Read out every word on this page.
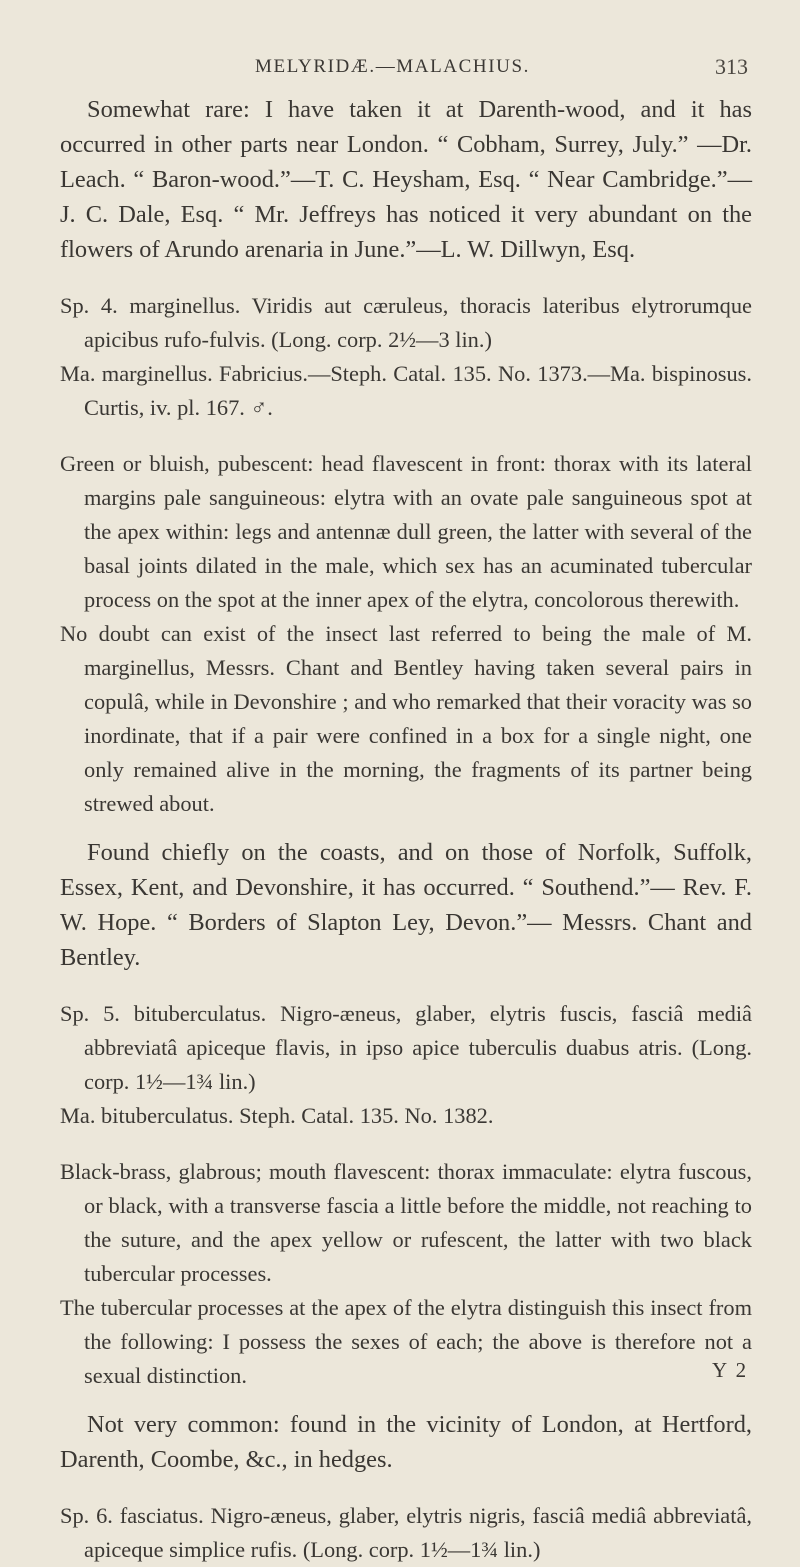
MELYRIDÆ.—MALACHIUS.	313

Somewhat rare: I have taken it at Darenth-wood, and it has occurred in other parts near London. “ Cobham, Surrey, July.” —Dr. Leach. “ Baron-wood.”—T. C. Heysham, Esq. “ Near Cambridge.”—J. C. Dale, Esq. “ Mr. Jeffreys has noticed it very abundant on the flowers of Arundo arenaria in June.”—L. W. Dillwyn, Esq.

Sp. 4. marginellus. Viridis aut cæruleus, thoracis lateribus elytrorumque apicibus rufo-fulvis. (Long. corp. 2½—3 lin.)

Ma. marginellus. Fabricius.—Steph. Catal. 135. No. 1373.—Ma. bispinosus. Curtis, iv. pl. 167. ♂.

Green or bluish, pubescent: head flavescent in front: thorax with its lateral margins pale sanguineous: elytra with an ovate pale sanguineous spot at the apex within: legs and antennæ dull green, the latter with several of the basal joints dilated in the male, which sex has an acuminated tubercular process on the spot at the inner apex of the elytra, concolorous therewith.

No doubt can exist of the insect last referred to being the male of M. marginellus, Messrs. Chant and Bentley having taken several pairs in copulâ, while in Devonshire ; and who remarked that their voracity was so inordinate, that if a pair were confined in a box for a single night, one only remained alive in the morning, the fragments of its partner being strewed about.

Found chiefly on the coasts, and on those of Norfolk, Suffolk, Essex, Kent, and Devonshire, it has occurred. “ Southend.”— Rev. F. W. Hope. “ Borders of Slapton Ley, Devon.”— Messrs. Chant and Bentley.

Sp. 5. bituberculatus. Nigro-æneus, glaber, elytris fuscis, fasciâ mediâ abbreviatâ apiceque flavis, in ipso apice tuberculis duabus atris. (Long. corp. 1½—1¾ lin.)

Ma. bituberculatus. Steph. Catal. 135. No. 1382.

Black-brass, glabrous; mouth flavescent: thorax immaculate: elytra fuscous, or black, with a transverse fascia a little before the middle, not reaching to the suture, and the apex yellow or rufescent, the latter with two black tubercular processes.

The tubercular processes at the apex of the elytra distinguish this insect from the following: I possess the sexes of each; the above is therefore not a sexual distinction.

Not very common: found in the vicinity of London, at Hertford, Darenth, Coombe, &c., in hedges.

Sp. 6. fasciatus. Nigro-æneus, glaber, elytris nigris, fasciâ mediâ abbreviatâ, apiceque simplice rufis. (Long. corp. 1½—1¾ lin.)

Y 2
